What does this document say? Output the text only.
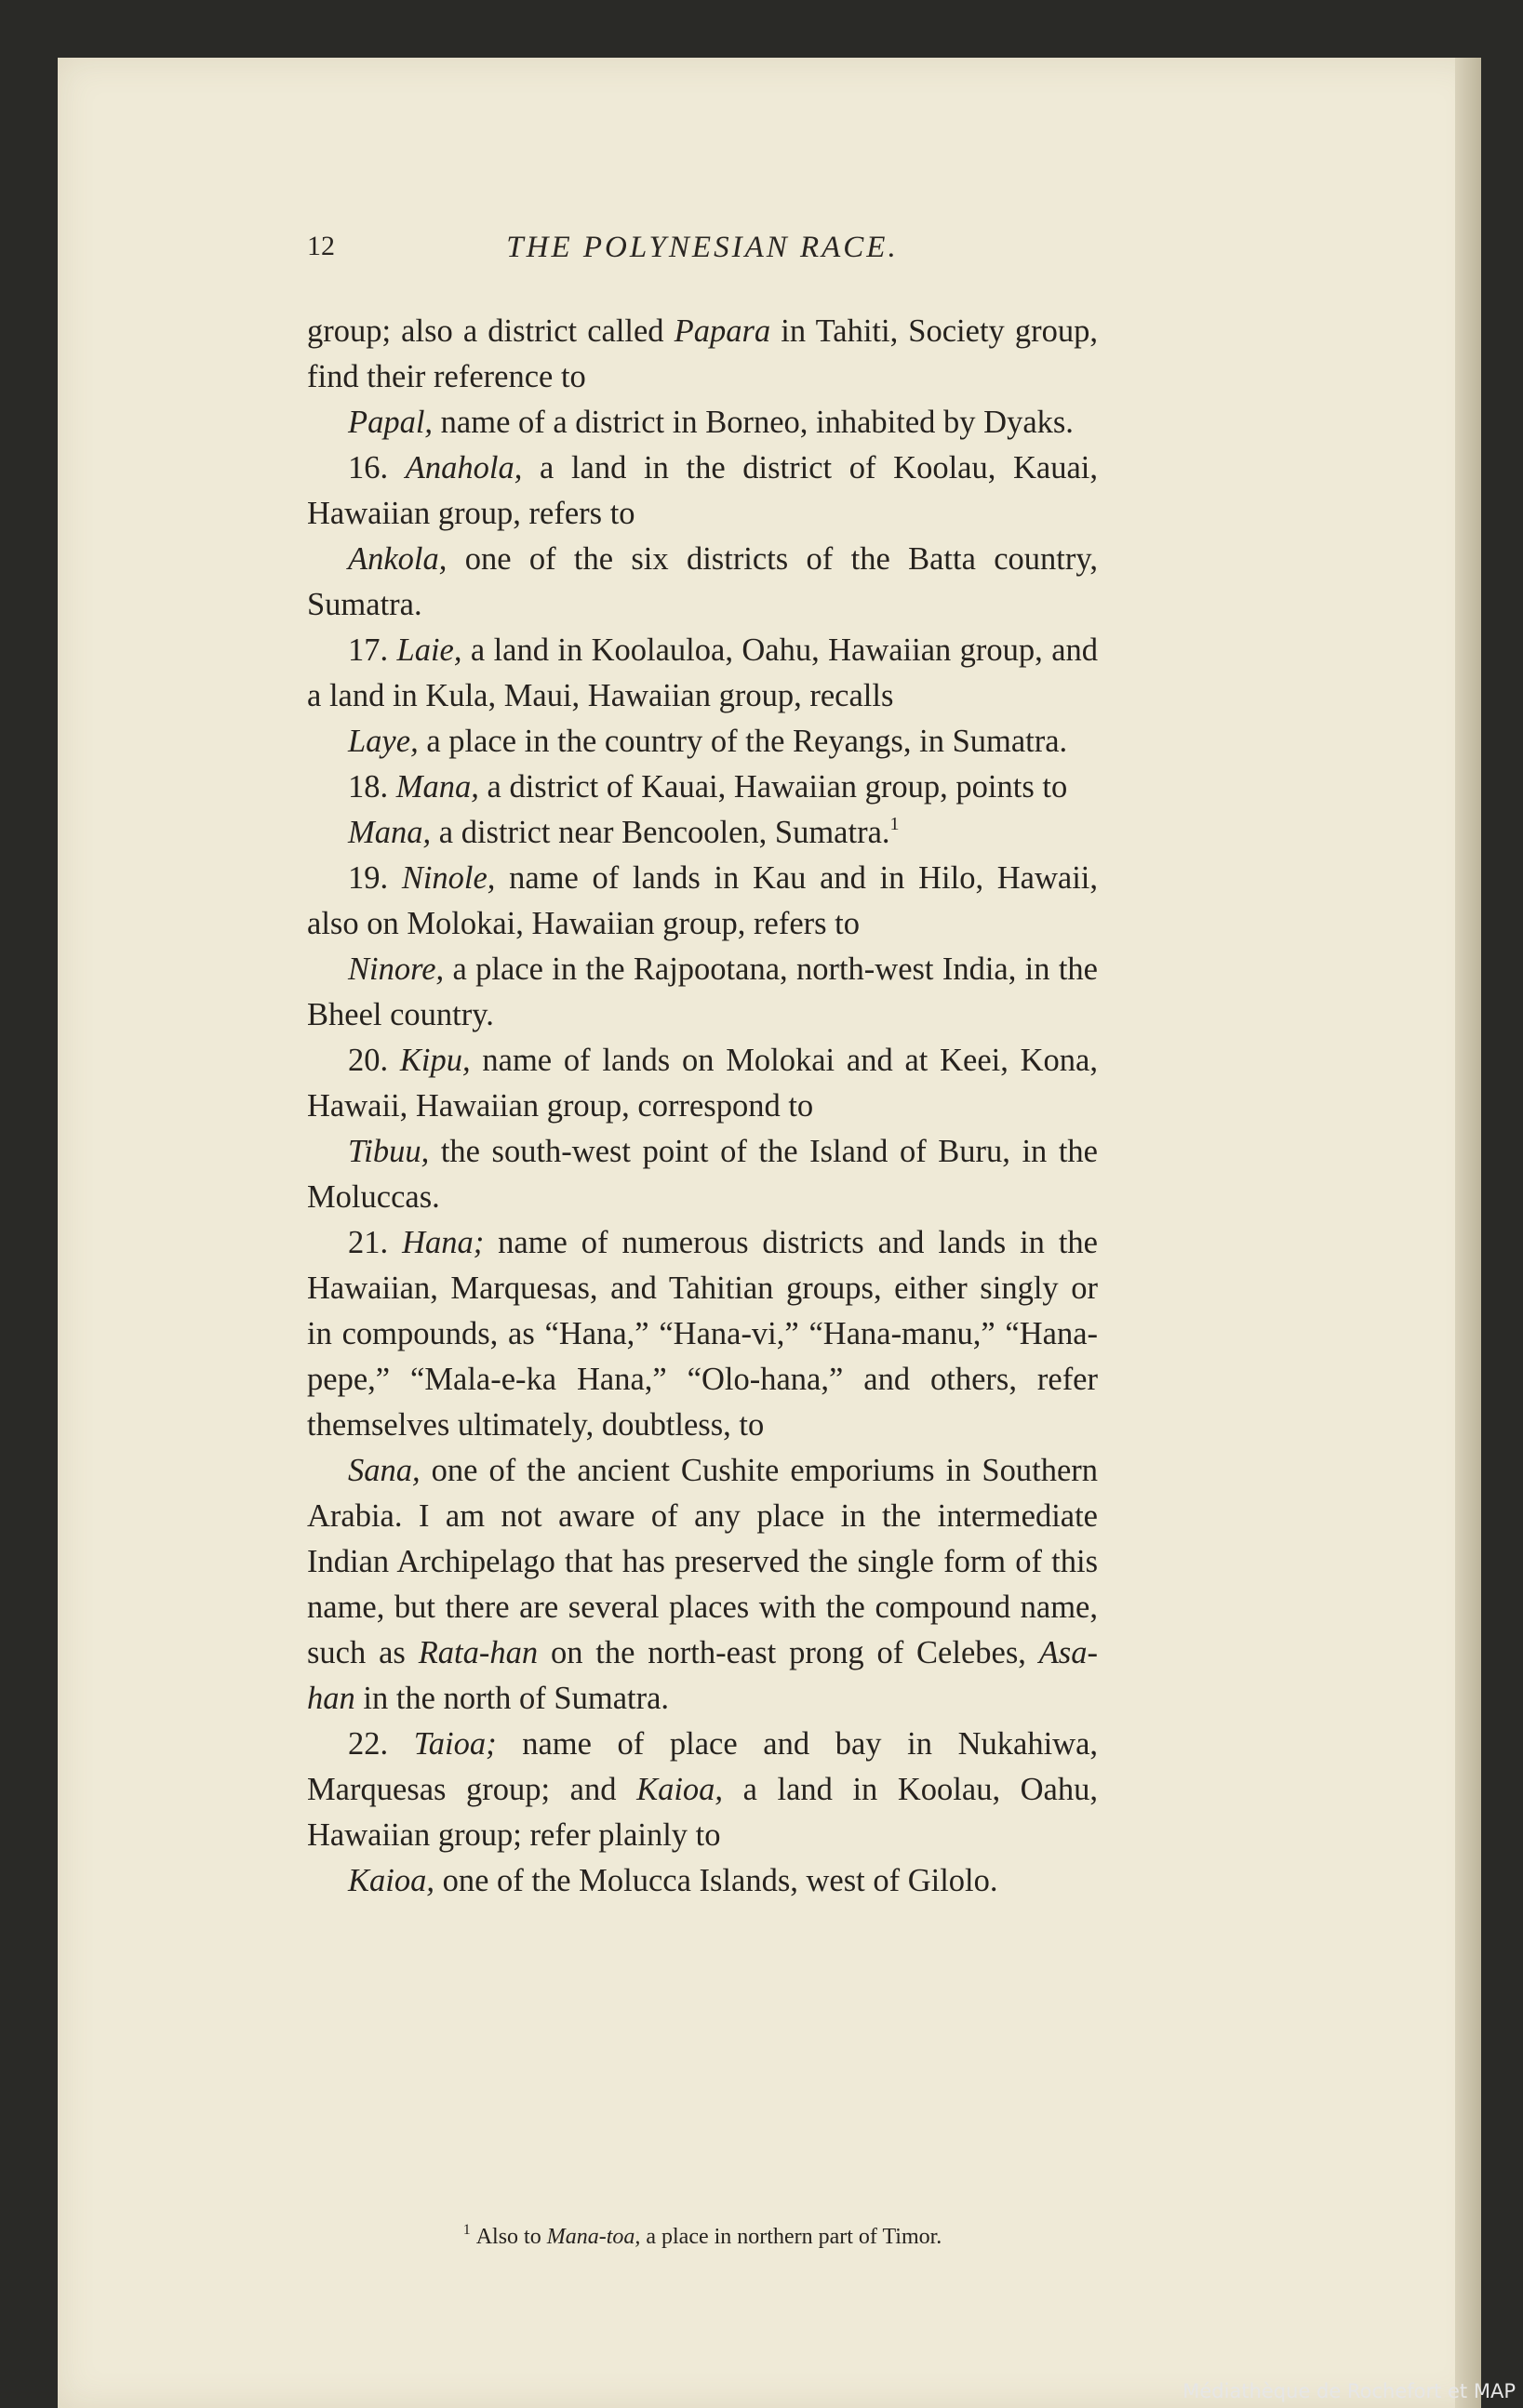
12	THE POLYNESIAN RACE.

group; also a district called Papara in Tahiti, Society group, find their reference to

Papal, name of a district in Borneo, inhabited by Dyaks.

16. Anahola, a land in the district of Koolau, Kauai, Hawaiian group, refers to

Ankola, one of the six districts of the Batta country, Sumatra.

17. Laie, a land in Koolauloa, Oahu, Hawaiian group, and a land in Kula, Maui, Hawaiian group, recalls

Laye, a place in the country of the Reyangs, in Sumatra.

18. Mana, a district of Kauai, Hawaiian group, points to

Mana, a district near Bencoolen, Sumatra.$^1$

19. Ninole, name of lands in Kau and in Hilo, Hawaii, also on Molokai, Hawaiian group, refers to

Ninore, a place in the Rajpootana, north-west India, in the Bheel country.

20. Kipu, name of lands on Molokai and at Keei, Kona, Hawaii, Hawaiian group, correspond to

Tibuu, the south-west point of the Island of Buru, in the Moluccas.

21. Hana; name of numerous districts and lands in the Hawaiian, Marquesas, and Tahitian groups, either singly or in compounds, as “Hana,” “Hana-vi,” “Hana-manu,” “Hana-pepe,” “Mala-e-ka Hana,” “Olo-hana,” and others, refer themselves ultimately, doubtless, to

Sana, one of the ancient Cushite emporiums in Southern Arabia. I am not aware of any place in the intermediate Indian Archipelago that has preserved the single form of this name, but there are several places with the compound name, such as Rata-han on the north-east prong of Celebes, Asa-han in the north of Sumatra.

22. Taioa; name of place and bay in Nukahiwa, Marquesas group; and Kaioa, a land in Koolau, Oahu, Hawaiian group; refer plainly to

Kaioa, one of the Molucca Islands, west of Gilolo.

$^1$ Also to Mana-toa, a place in northern part of Timor.
Médiathèque de Rochefort et MAP
